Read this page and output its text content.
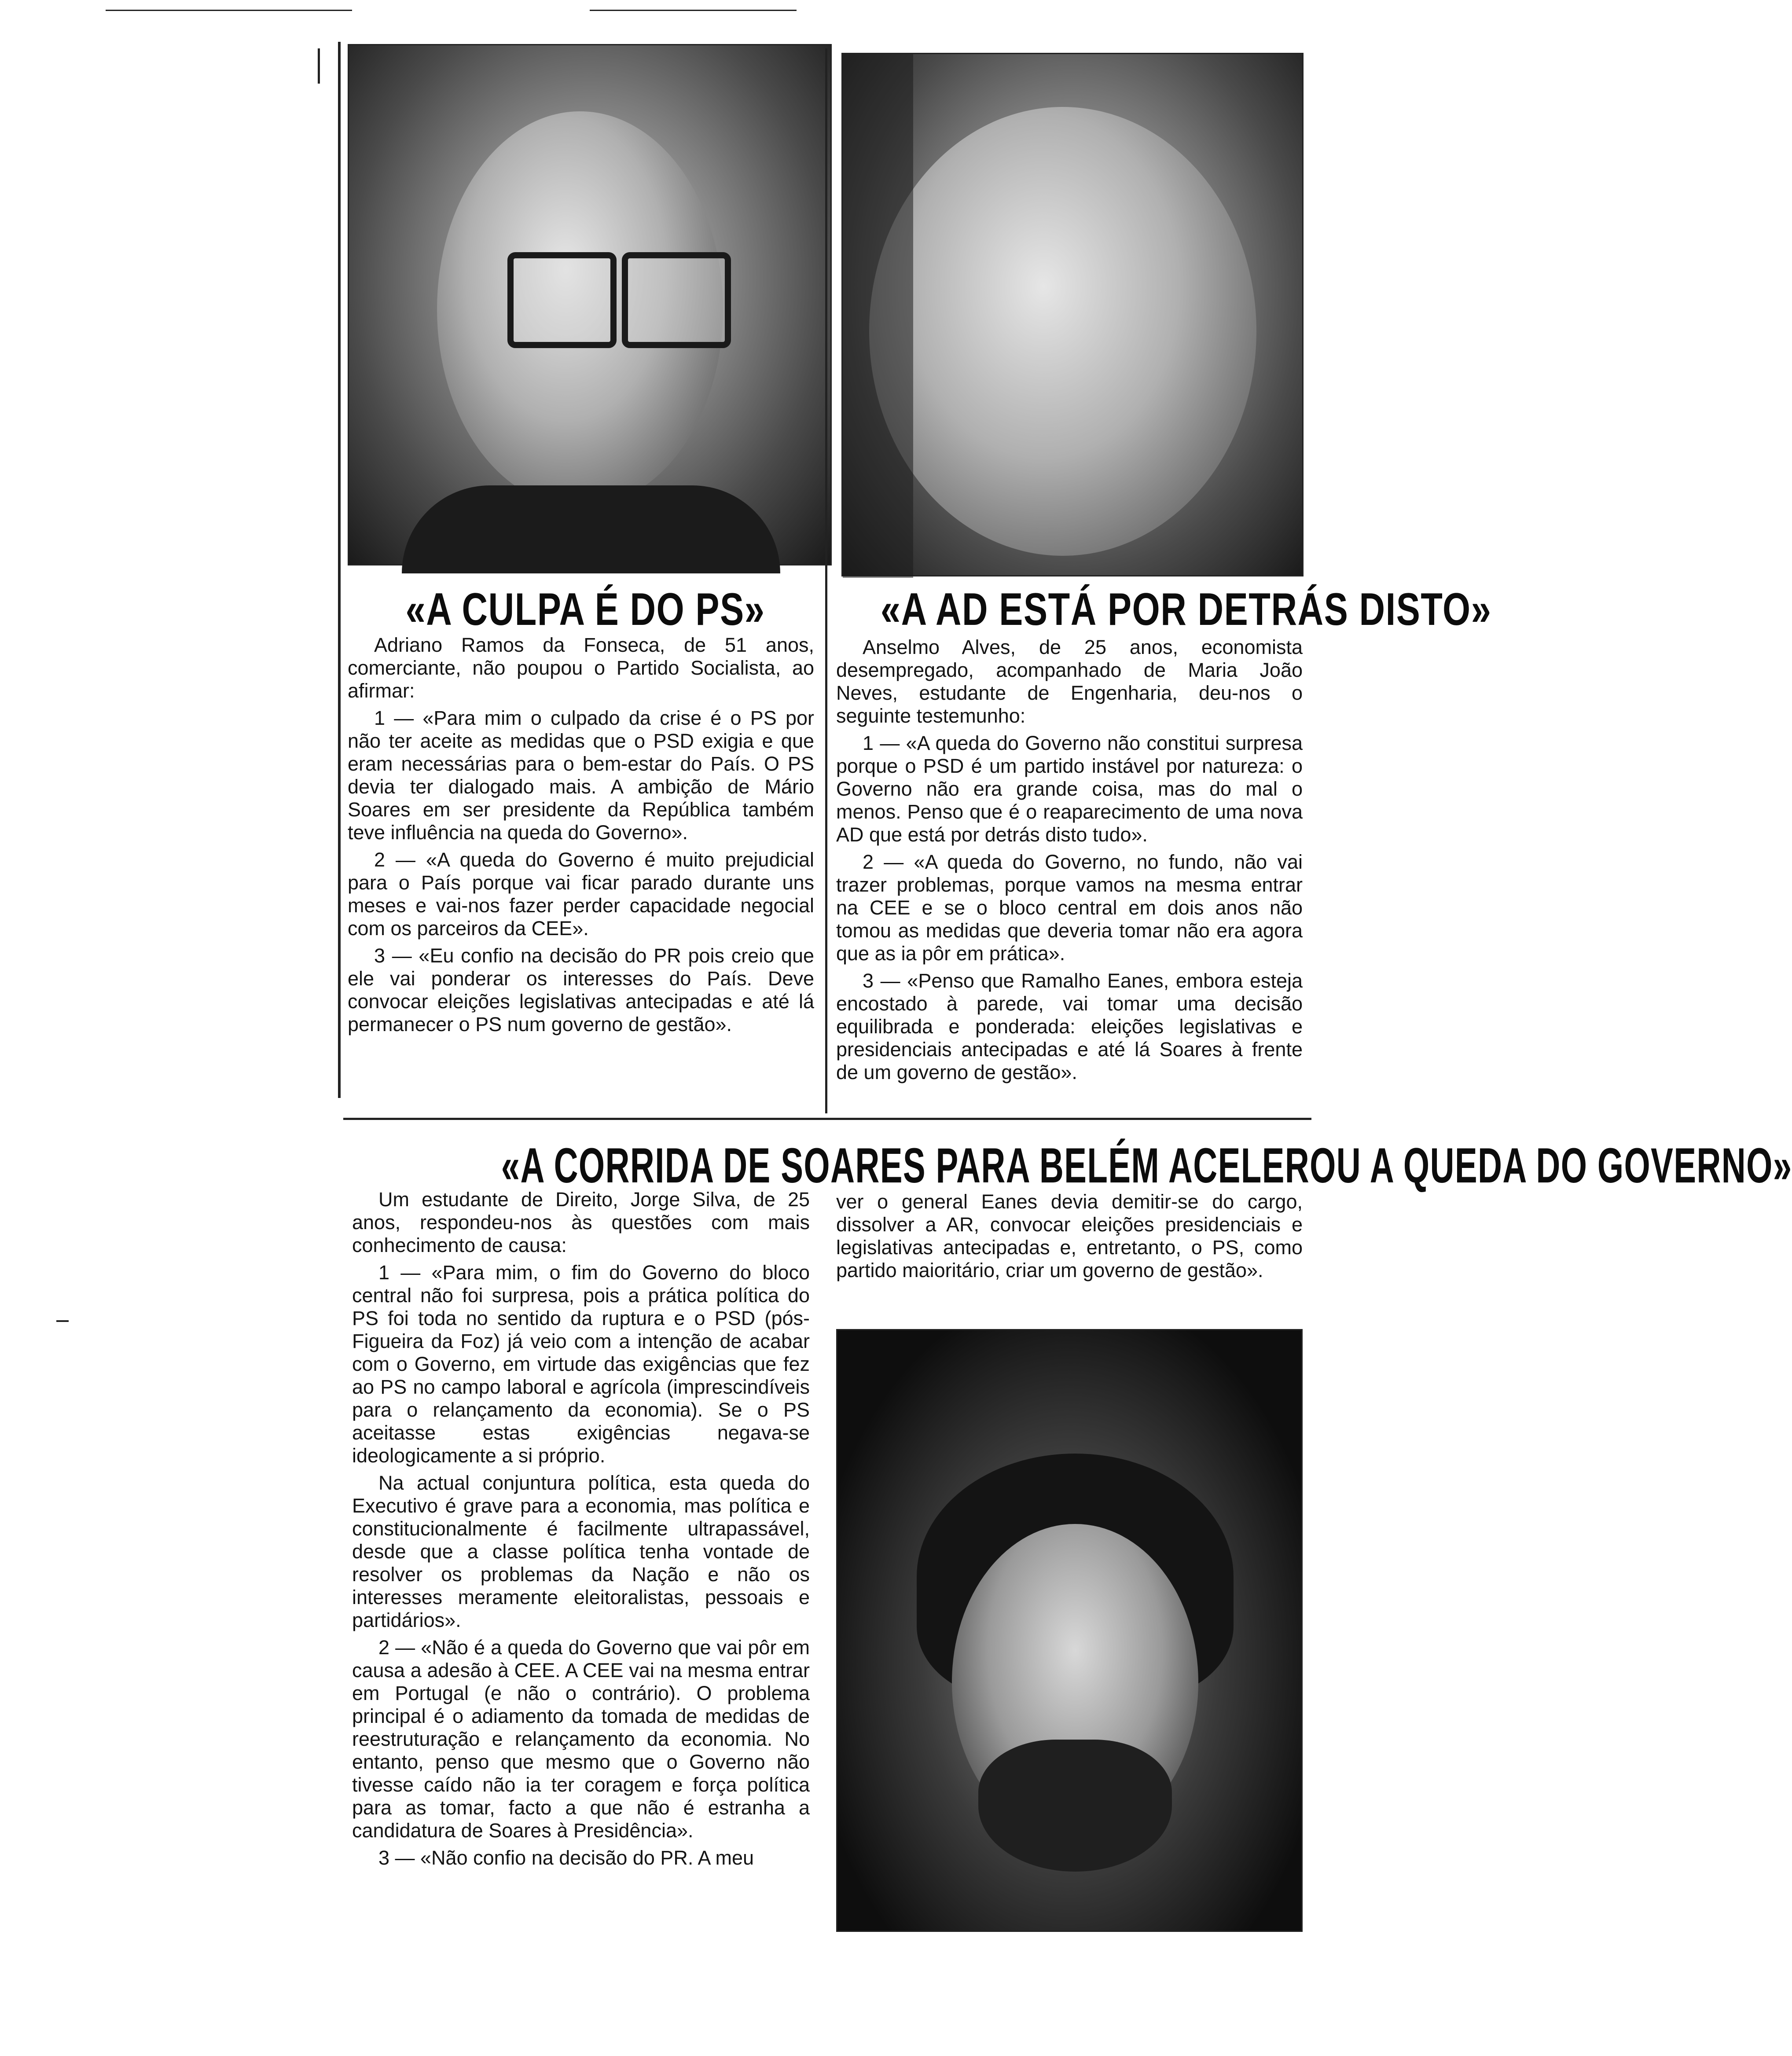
«A CULPA É DO PS»	«A AD ESTÁ POR DETRÁS DISTO»

Adriano Ramos da Fonseca, de 51 anos, comerciante, não poupou o Partido Socialista, ao afirmar:

1 — «Para mim o culpado da crise é o PS por não ter aceite as medidas que o PSD exigia e que eram necessárias para o bem-estar do País. O PS devia ter dialogado mais. A ambição de Mário Soares em ser presidente da República também teve influência na queda do Governo».

2 — «A queda do Governo é muito prejudicial para o País porque vai ficar parado durante uns meses e vai-nos fazer perder capacidade negocial com os parceiros da CEE».

3 — «Eu confio na decisão do PR pois creio que ele vai ponderar os interesses do País. Deve convocar eleições legislativas antecipadas e até lá permanecer o PS num governo de gestão».

Anselmo Alves, de 25 anos, economista desempregado, acompanhado de Maria João Neves, estudante de Engenharia, deu-nos o seguinte testemunho:

1 — «A queda do Governo não constitui surpresa porque o PSD é um partido instável por natureza: o Governo não era grande coisa, mas do mal o menos. Penso que é o reaparecimento de uma nova AD que está por detrás disto tudo».

2 — «A queda do Governo, no fundo, não vai trazer problemas, porque vamos na mesma entrar na CEE e se o bloco central em dois anos não tomou as medidas que deveria tomar não era agora que as ia pôr em prática».

3 — «Penso que Ramalho Eanes, embora esteja encostado à parede, vai tomar uma decisão equilibrada e ponderada: eleições legislativas e presidenciais antecipadas e até lá Soares à frente de um governo de gestão».

«A CORRIDA DE SOARES PARA BELÉM ACELEROU A QUEDA DO GOVERNO»

Um estudante de Direito, Jorge Silva, de 25 anos, respondeu-nos às questões com mais conhecimento de causa:

1 — «Para mim, o fim do Governo do bloco central não foi surpresa, pois a prática política do PS foi toda no sentido da ruptura e o PSD (pós-Figueira da Foz) já veio com a intenção de acabar com o Governo, em virtude das exigências que fez ao PS no campo laboral e agrícola (imprescindíveis para o relançamento da economia). Se o PS aceitasse estas exigências negava-se ideologicamente a si próprio.

Na actual conjuntura política, esta queda do Executivo é grave para a economia, mas política e constitucionalmente é facilmente ultrapassável, desde que a classe política tenha vontade de resolver os problemas da Nação e não os interesses meramente eleitoralistas, pessoais e partidários».

2 — «Não é a queda do Governo que vai pôr em causa a adesão à CEE. A CEE vai na mesma entrar em Portugal (e não o contrário). O problema principal é o adiamento da tomada de medidas de reestruturação e relançamento da economia. No entanto, penso que mesmo que o Governo não tivesse caído não ia ter coragem e força política para as tomar, facto a que não é estranha a candidatura de Soares à Presidência».

3 — «Não confio na decisão do PR. A meu

ver o general Eanes devia demitir-se do cargo, dissolver a AR, convocar eleições presidenciais e legislativas antecipadas e, entretanto, o PS, como partido maioritário, criar um governo de gestão».
